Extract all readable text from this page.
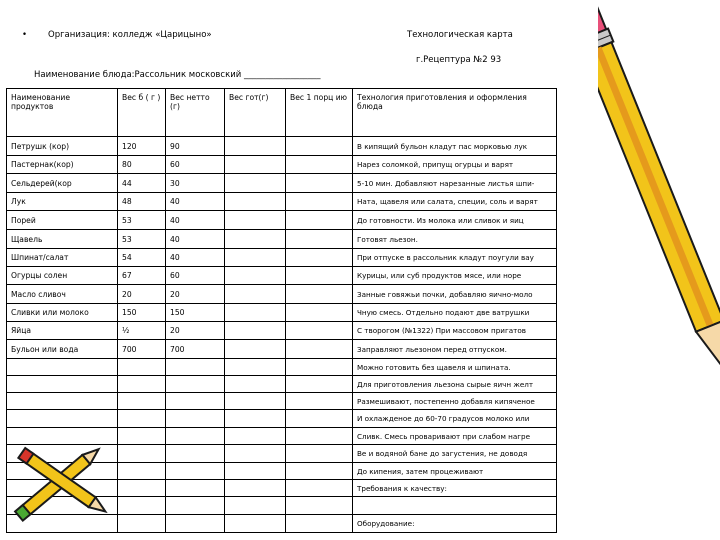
• Организация: колледж «Царицыно»	Технологическая карта
г.Рецептура №2 93
Наименование блюда:Рассольник московский __________________
Наименование продуктов	Вес б ( г )	Вес нетто (г)	Вес гот(г)	Вес 1 порц ию	Технология приготовления и оформления блюда
Петрушк (кор)	120	90			В кипящий бульон кладут пас морковью лук
Пастернак(кор)	80	60			Нарез соломкой, припущ огурцы и варят
Сельдерей(кор	44	30			5-10 мин. Добавляют нарезанные листья шпи-
Лук	48	40			Ната, щавеля или салата, специи, соль и варят
Порей	53	40			До готовности. Из молока или сливок и яиц
Щавель	53	40			Готовят льезон.
Шпинат/салат	54	40			При отпуске в рассольник кладут поугули вау
Огурцы солен	67	60			Курицы, или суб продуктов мясе, или норе
Масло сливоч	20	20			Занные говяжьи почки, добавляю яично-моло
Сливки или молоко	150	150			Чную смесь. Отдельно подают две ватрушки
Яйца	½	20			С творогом (№1322) При массовом пригатов
Бульон или вода	700	700			Заправляют льезоном перед отпуском.
					Можно готовить без щавеля и шпината.
					Для приготовления льезона сырые яичн желт
					Размешивают, постепенно добавля кипяченое
					И охлажденое до 60-70 градусов молоко или
					Сливк. Смесь проваривают при слабом нагре
					Ве и водяной бане до загустения, не доводя
					До кипения, затем процеживают
					Требования к качеству:

					Оборудование:
